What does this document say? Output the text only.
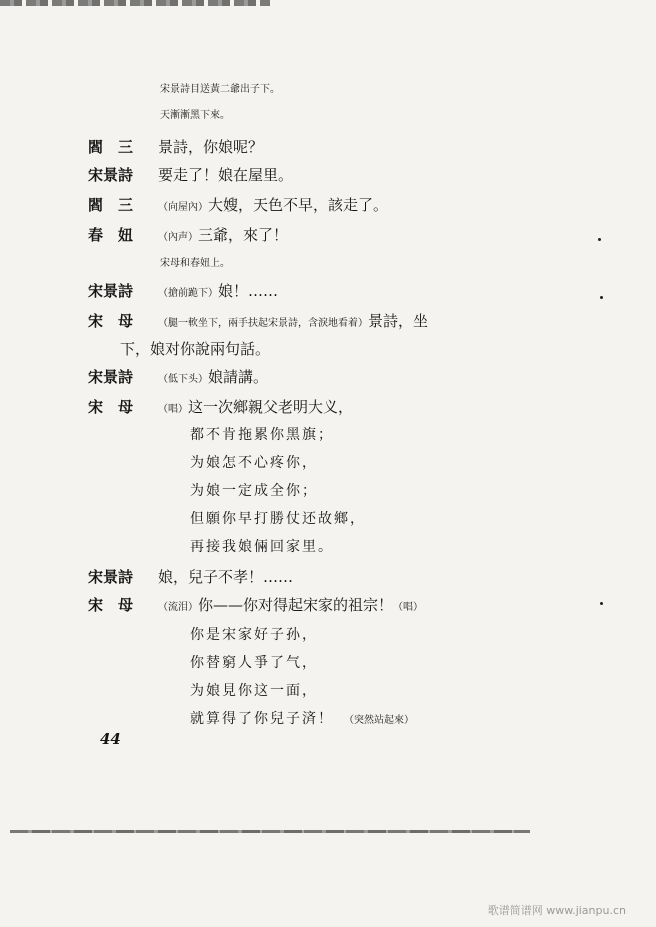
宋景詩目送黃二爺出子下。
天漸漸黑下來。
閻　三 景詩，你娘呢？
宋景詩 要走了！娘在屋里。
閻　三 （向屋內）大嫂，天色不早，該走了。
春　妞 （內声）三爺，來了！
宋母和春妞上。
宋景詩 （搶前跪下）娘！……
宋　母 （腿一軟坐下，兩手扶起宋景詩，含淚地看着）景詩，坐
下，娘对你說兩句話。
宋景詩 （低下头）娘請講。
宋　母 （唱）这一次鄉親父老明大义，
都不肯拖累你黑旗；
为娘怎不心疼你，
为娘一定成全你；
但願你早打勝仗还故鄉，
再接我娘倆回家里。
宋景詩 娘，兒子不孝！……
宋　母 （流泪）你——你对得起宋家的祖宗！（唱）
你是宋家好子孙，
你替窮人爭了气，
为娘見你这一面，
就算得了你兒子済！ （突然站起來）
44
歌谱简谱网 www.jianpu.cn
